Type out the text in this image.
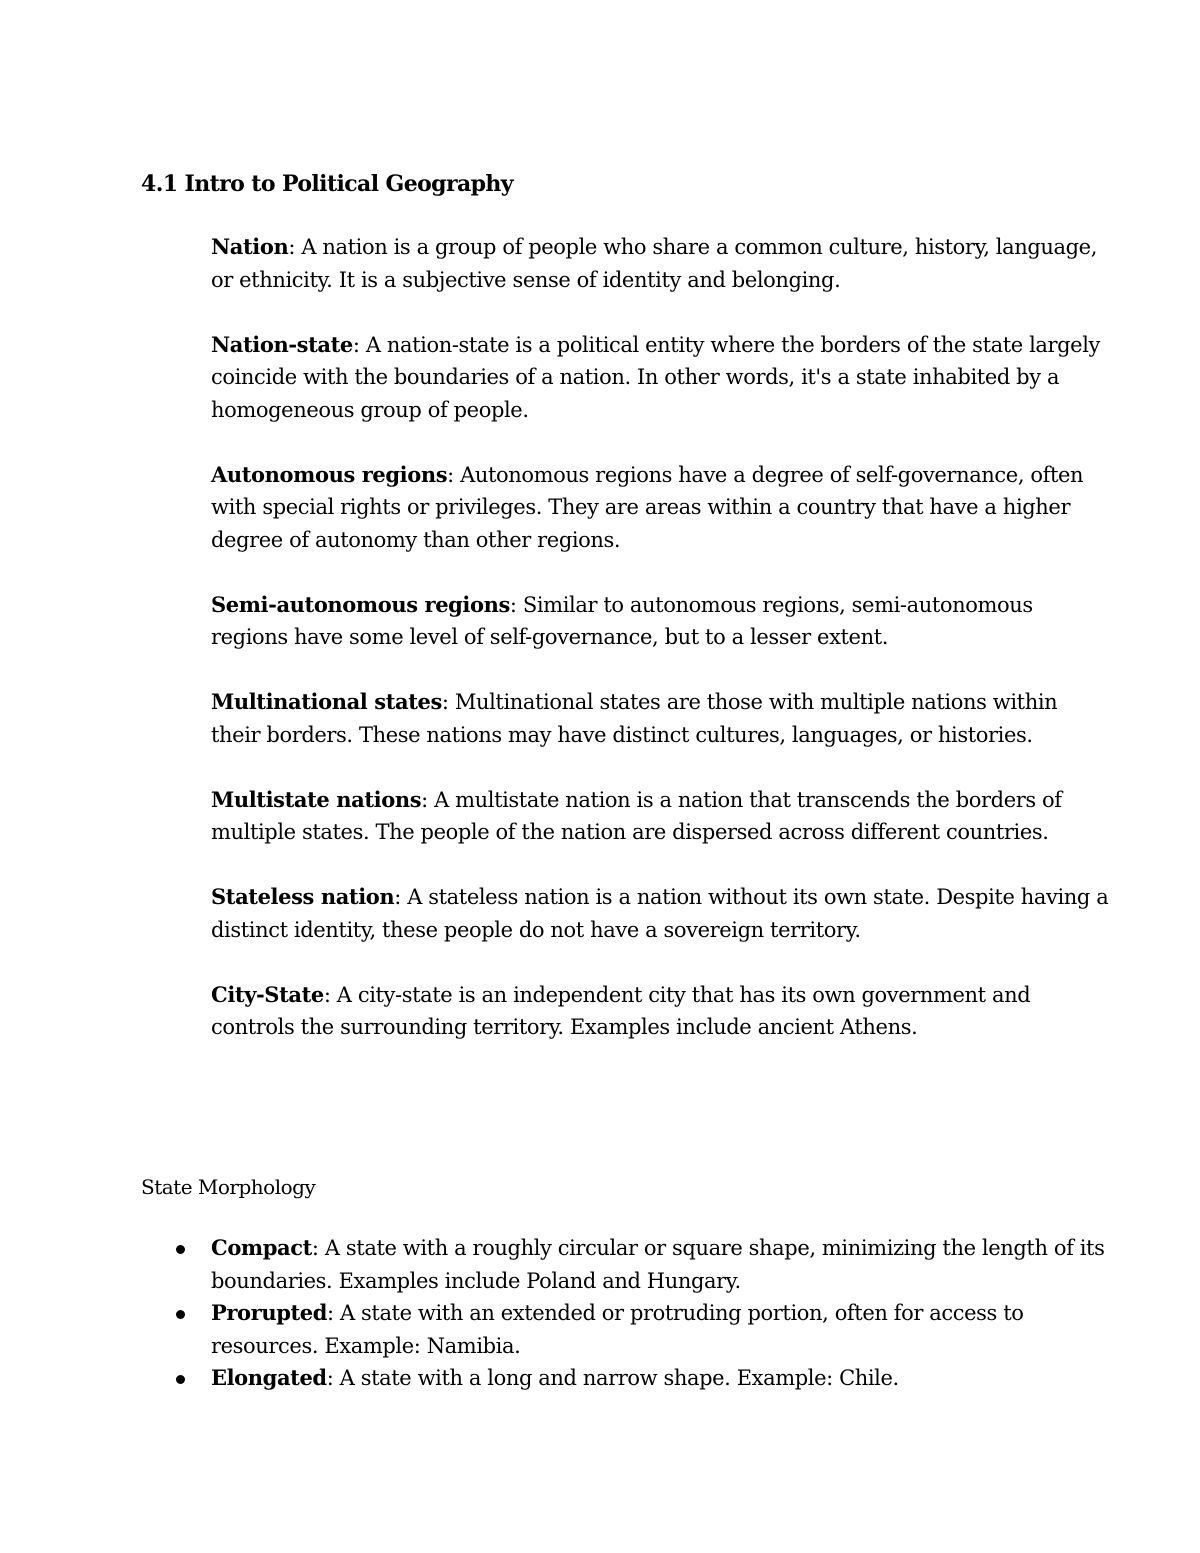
4.1 Intro to Political Geography

Nation: A nation is a group of people who share a common culture, history, language, or ethnicity. It is a subjective sense of identity and belonging.

Nation-state: A nation-state is a political entity where the borders of the state largely coincide with the boundaries of a nation. In other words, it's a state inhabited by a homogeneous group of people.

Autonomous regions: Autonomous regions have a degree of self-governance, often with special rights or privileges. They are areas within a country that have a higher degree of autonomy than other regions.

Semi-autonomous regions: Similar to autonomous regions, semi-autonomous regions have some level of self-governance, but to a lesser extent.

Multinational states: Multinational states are those with multiple nations within their borders. These nations may have distinct cultures, languages, or histories.

Multistate nations: A multistate nation is a nation that transcends the borders of multiple states. The people of the nation are dispersed across different countries.

Stateless nation: A stateless nation is a nation without its own state. Despite having a distinct identity, these people do not have a sovereign territory.

City-State: A city-state is an independent city that has its own government and controls the surrounding territory. Examples include ancient Athens.

State Morphology
Compact: A state with a roughly circular or square shape, minimizing the length of its boundaries. Examples include Poland and Hungary.
Prorupted: A state with an extended or protruding portion, often for access to resources. Example: Namibia.
Elongated: A state with a long and narrow shape. Example: Chile.
